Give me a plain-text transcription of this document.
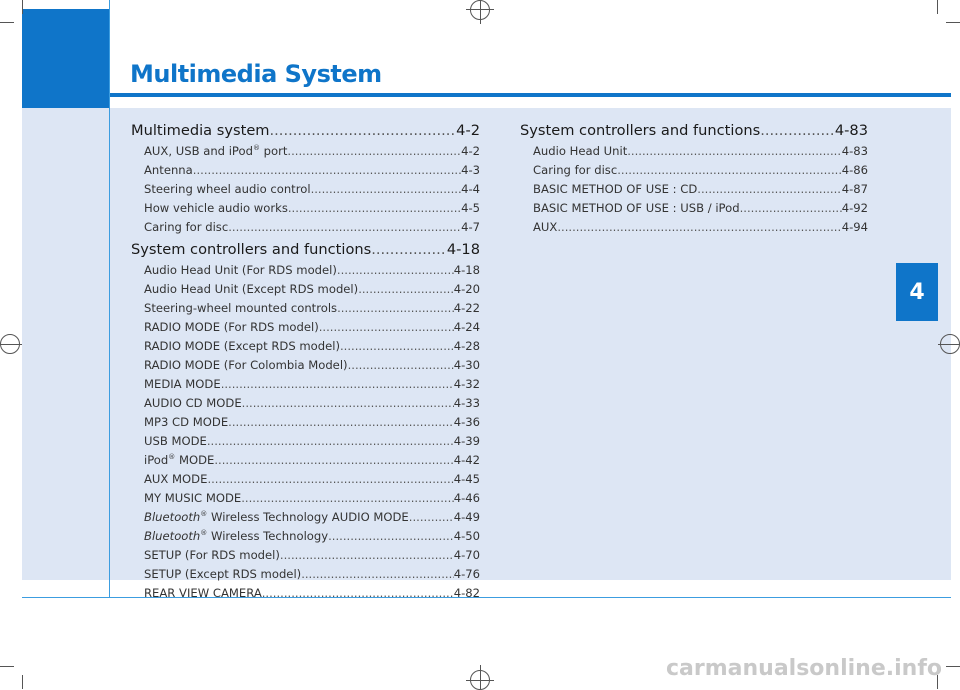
Multimedia System
Multimedia system .....	4-2
AUX, USB and iPod® port .....	4-2
Antenna .....	4-3
Steering wheel audio control .....	4-4
How vehicle audio works .....	4-5
Caring for disc .....	4-7
System controllers and functions .....	4-18
Audio Head Unit (For RDS model) .....	4-18
Audio Head Unit (Except RDS model) .....	4-20
Steering-wheel mounted controls .....	4-22
RADIO MODE (For RDS model) .....	4-24
RADIO MODE (Except RDS model) .....	4-28
RADIO MODE (For Colombia Model) .....	4-30
MEDIA MODE .....	4-32
AUDIO CD MODE .....	4-33
MP3 CD MODE .....	4-36
USB MODE .....	4-39
iPod® MODE .....	4-42
AUX MODE .....	4-45
MY MUSIC MODE .....	4-46
Bluetooth® Wireless Technology AUDIO MODE .....	4-49
Bluetooth® Wireless Technology .....	4-50
SETUP (For RDS model) .....	4-70
SETUP (Except RDS model) .....	4-76
REAR VIEW CAMERA .....	4-82
System controllers and functions .....	4-83
Audio Head Unit .....	4-83
Caring for disc .....	4-86
BASIC METHOD OF USE : CD .....	4-87
BASIC METHOD OF USE : USB / iPod .....	4-92
AUX .....	4-94
4

carmanualsonline.info
